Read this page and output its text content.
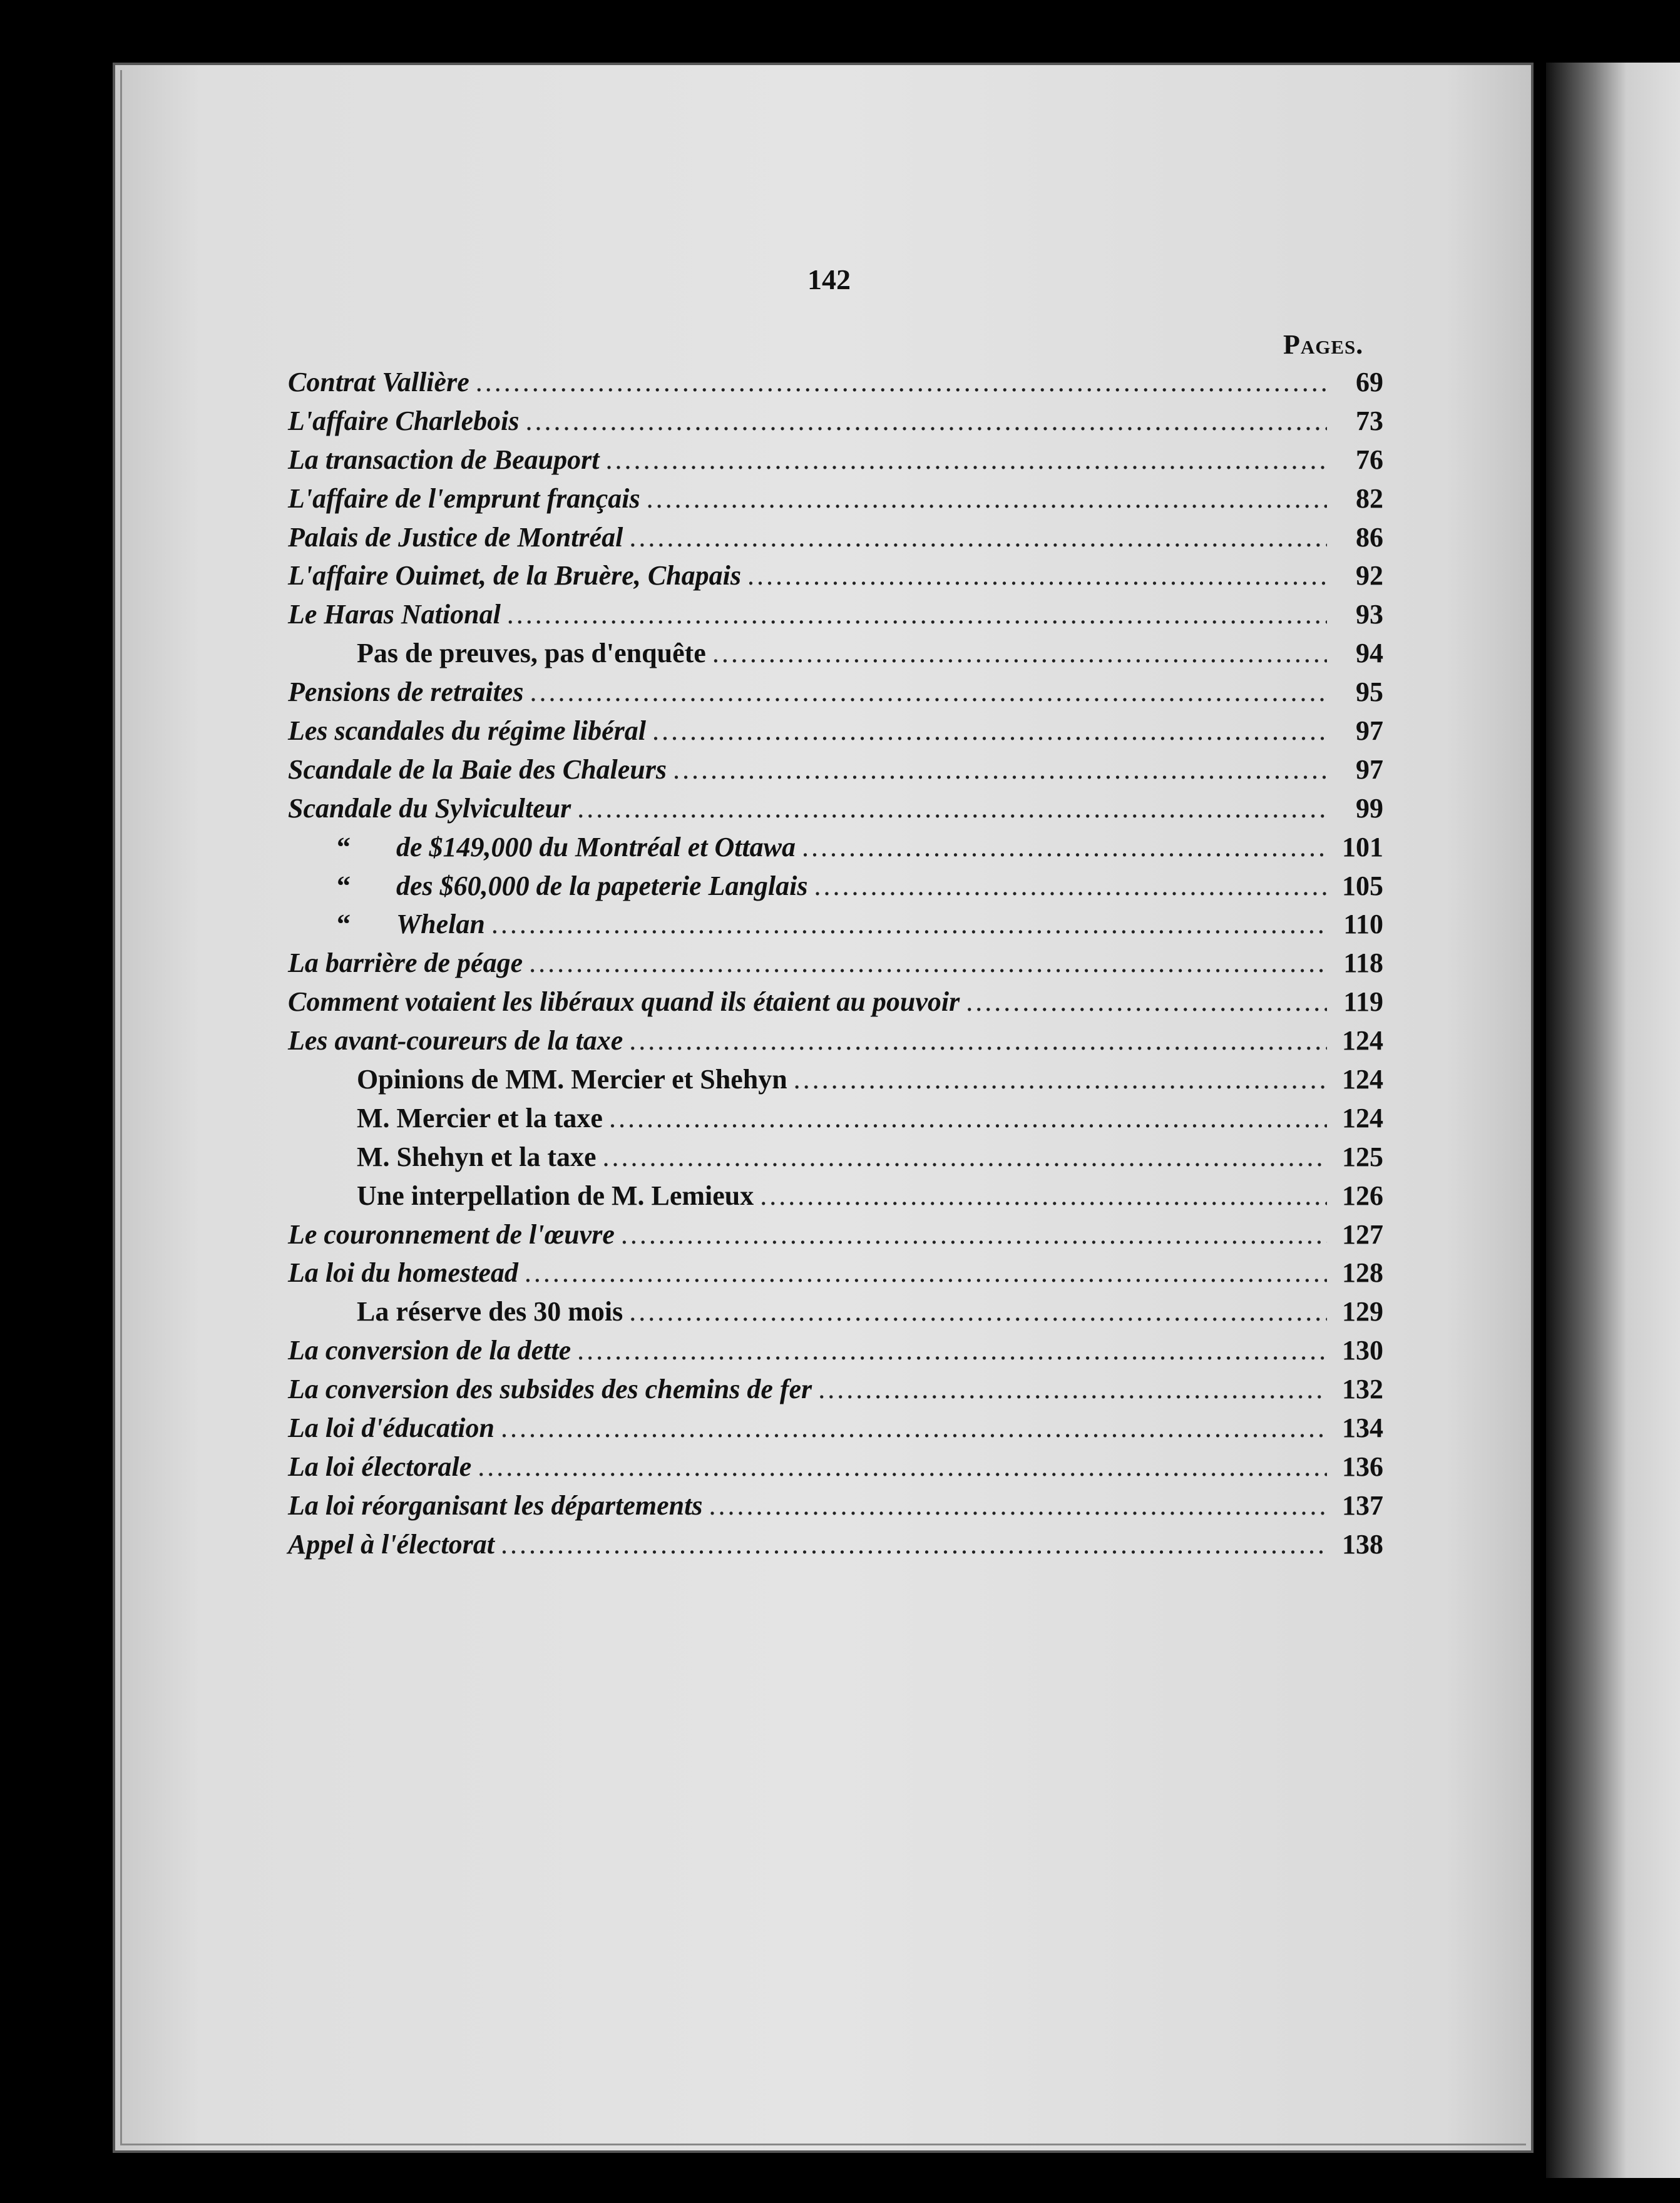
142
Pages.
Contrat Vallière .....	69
L'affaire Charlebois .....	73
La transaction de Beauport .....	76
L'affaire de l'emprunt français .....	82
Palais de Justice de Montréal .....	86
L'affaire Ouimet, de la Bruère, Chapais .....	92
Le Haras National .....	93
Pas de preuves, pas d'enquête .....	94
Pensions de retraites .....	95
Les scandales du régime libéral .....	97
Scandale de la Baie des Chaleurs .....	97
Scandale du Sylviculteur .....	99
“ de $149,000 du Montréal et Ottawa .....	101
“ des $60,000 de la papeterie Langlais .....	105
“ Whelan .....	110
La barrière de péage .....	118
Comment votaient les libéraux quand ils étaient au pouvoir .....	119
Les avant-coureurs de la taxe .....	124
Opinions de MM. Mercier et Shehyn .....	124
M. Mercier et la taxe .....	124
M. Shehyn et la taxe .....	125
Une interpellation de M. Lemieux .....	126
Le couronnement de l'œuvre .....	127
La loi du homestead .....	128
La réserve des 30 mois .....	129
La conversion de la dette .....	130
La conversion des subsides des chemins de fer .....	132
La loi d'éducation .....	134
La loi électorale .....	136
La loi réorganisant les départements .....	137
Appel à l'électorat .....	138
